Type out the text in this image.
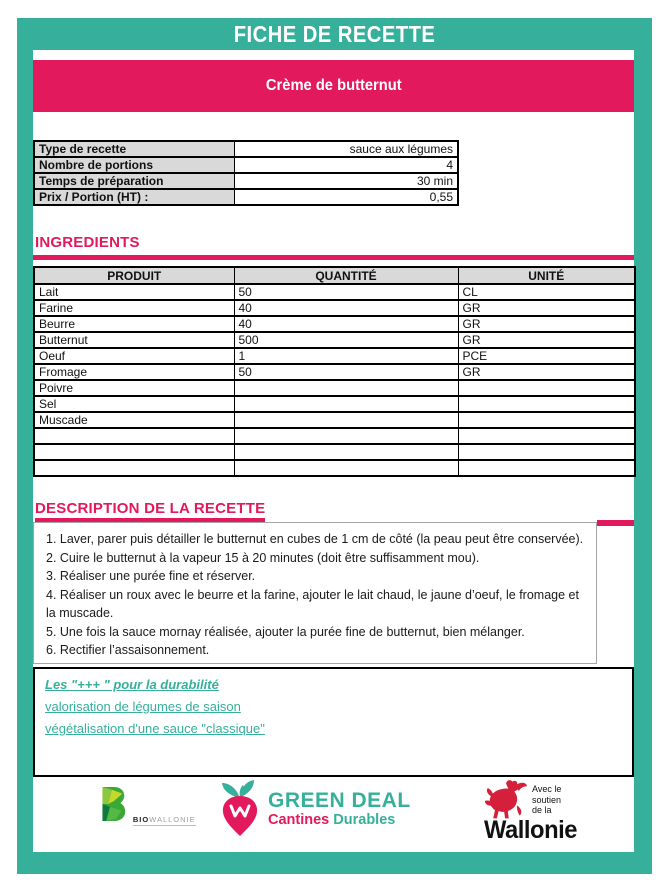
FICHE DE RECETTE
Crème de butternut
Type de recette	sauce aux légumes
Nombre de portions	4
Temps de préparation	30 min
Prix / Portion (HT) :	0,55
INGREDIENTS
PRODUIT	QUANTITÉ	UNITÉ
Lait	50	CL
Farine	40	GR
Beurre	40	GR
Butternut	500	GR
Oeuf	1	PCE
Fromage	50	GR
Poivre		
Sel		
Muscade		

DESCRIPTION DE LA RECETTE
1. Laver, parer puis détailler le butternut en cubes de 1 cm de côté (la peau peut être conservée).
2. Cuire le butternut à la vapeur 15 à 20 minutes (doit être suffisamment mou).
3. Réaliser une purée fine et réserver.
4. Réaliser un roux avec le beurre et la farine, ajouter le lait chaud, le jaune d’oeuf, le fromage et la muscade.
5. Une fois la sauce mornay réalisée, ajouter la purée fine de butternut, bien mélanger.
6. Rectifier l’assaisonnement.
Les "+++ " pour la durabilité
valorisation de légumes de saison
végétalisation d'une sauce "classique"
BIOWALLONIE
GREEN DEAL
Cantines Durables
Avec le
soutien
de la
Wallonie
